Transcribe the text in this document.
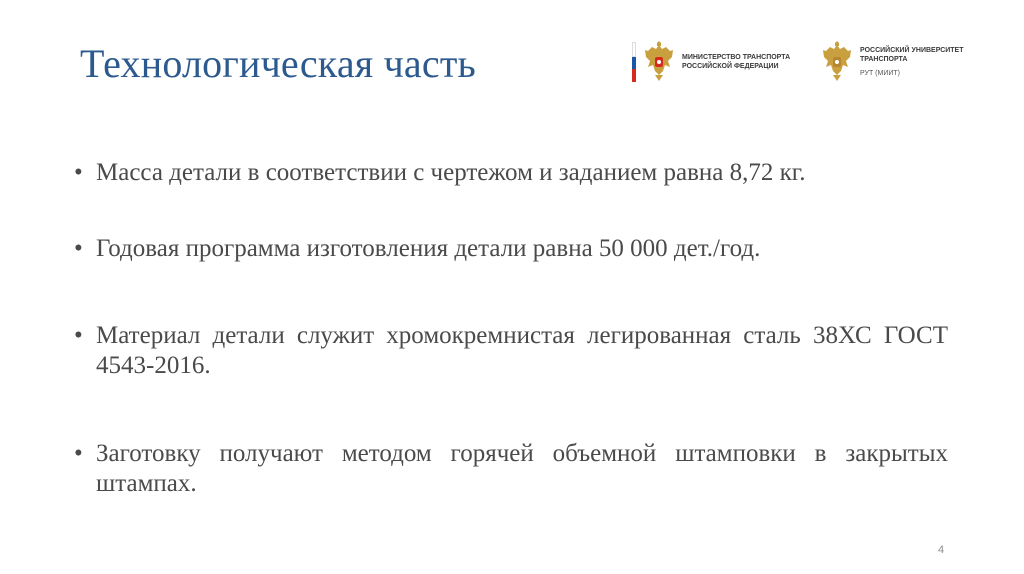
Технологическая часть	МИНИСТЕРСТВО ТРАНСПОРТА
РОССИЙСКОЙ ФЕДЕРАЦИИ
РОССИЙСКИЙ УНИВЕРСИТЕТ
ТРАНСПОРТА
РУТ (МИИТ)
• Масса детали в соответствии с чертежом и заданием равна 8,72 кг.
• Годовая программа изготовления детали равна 50 000 дет./год.
• Материал детали служит хромокремнистая легированная сталь 38ХС ГОСТ 4543-2016.
• Заготовку получают методом горячей объемной штамповки в закрытых штампах.
4
